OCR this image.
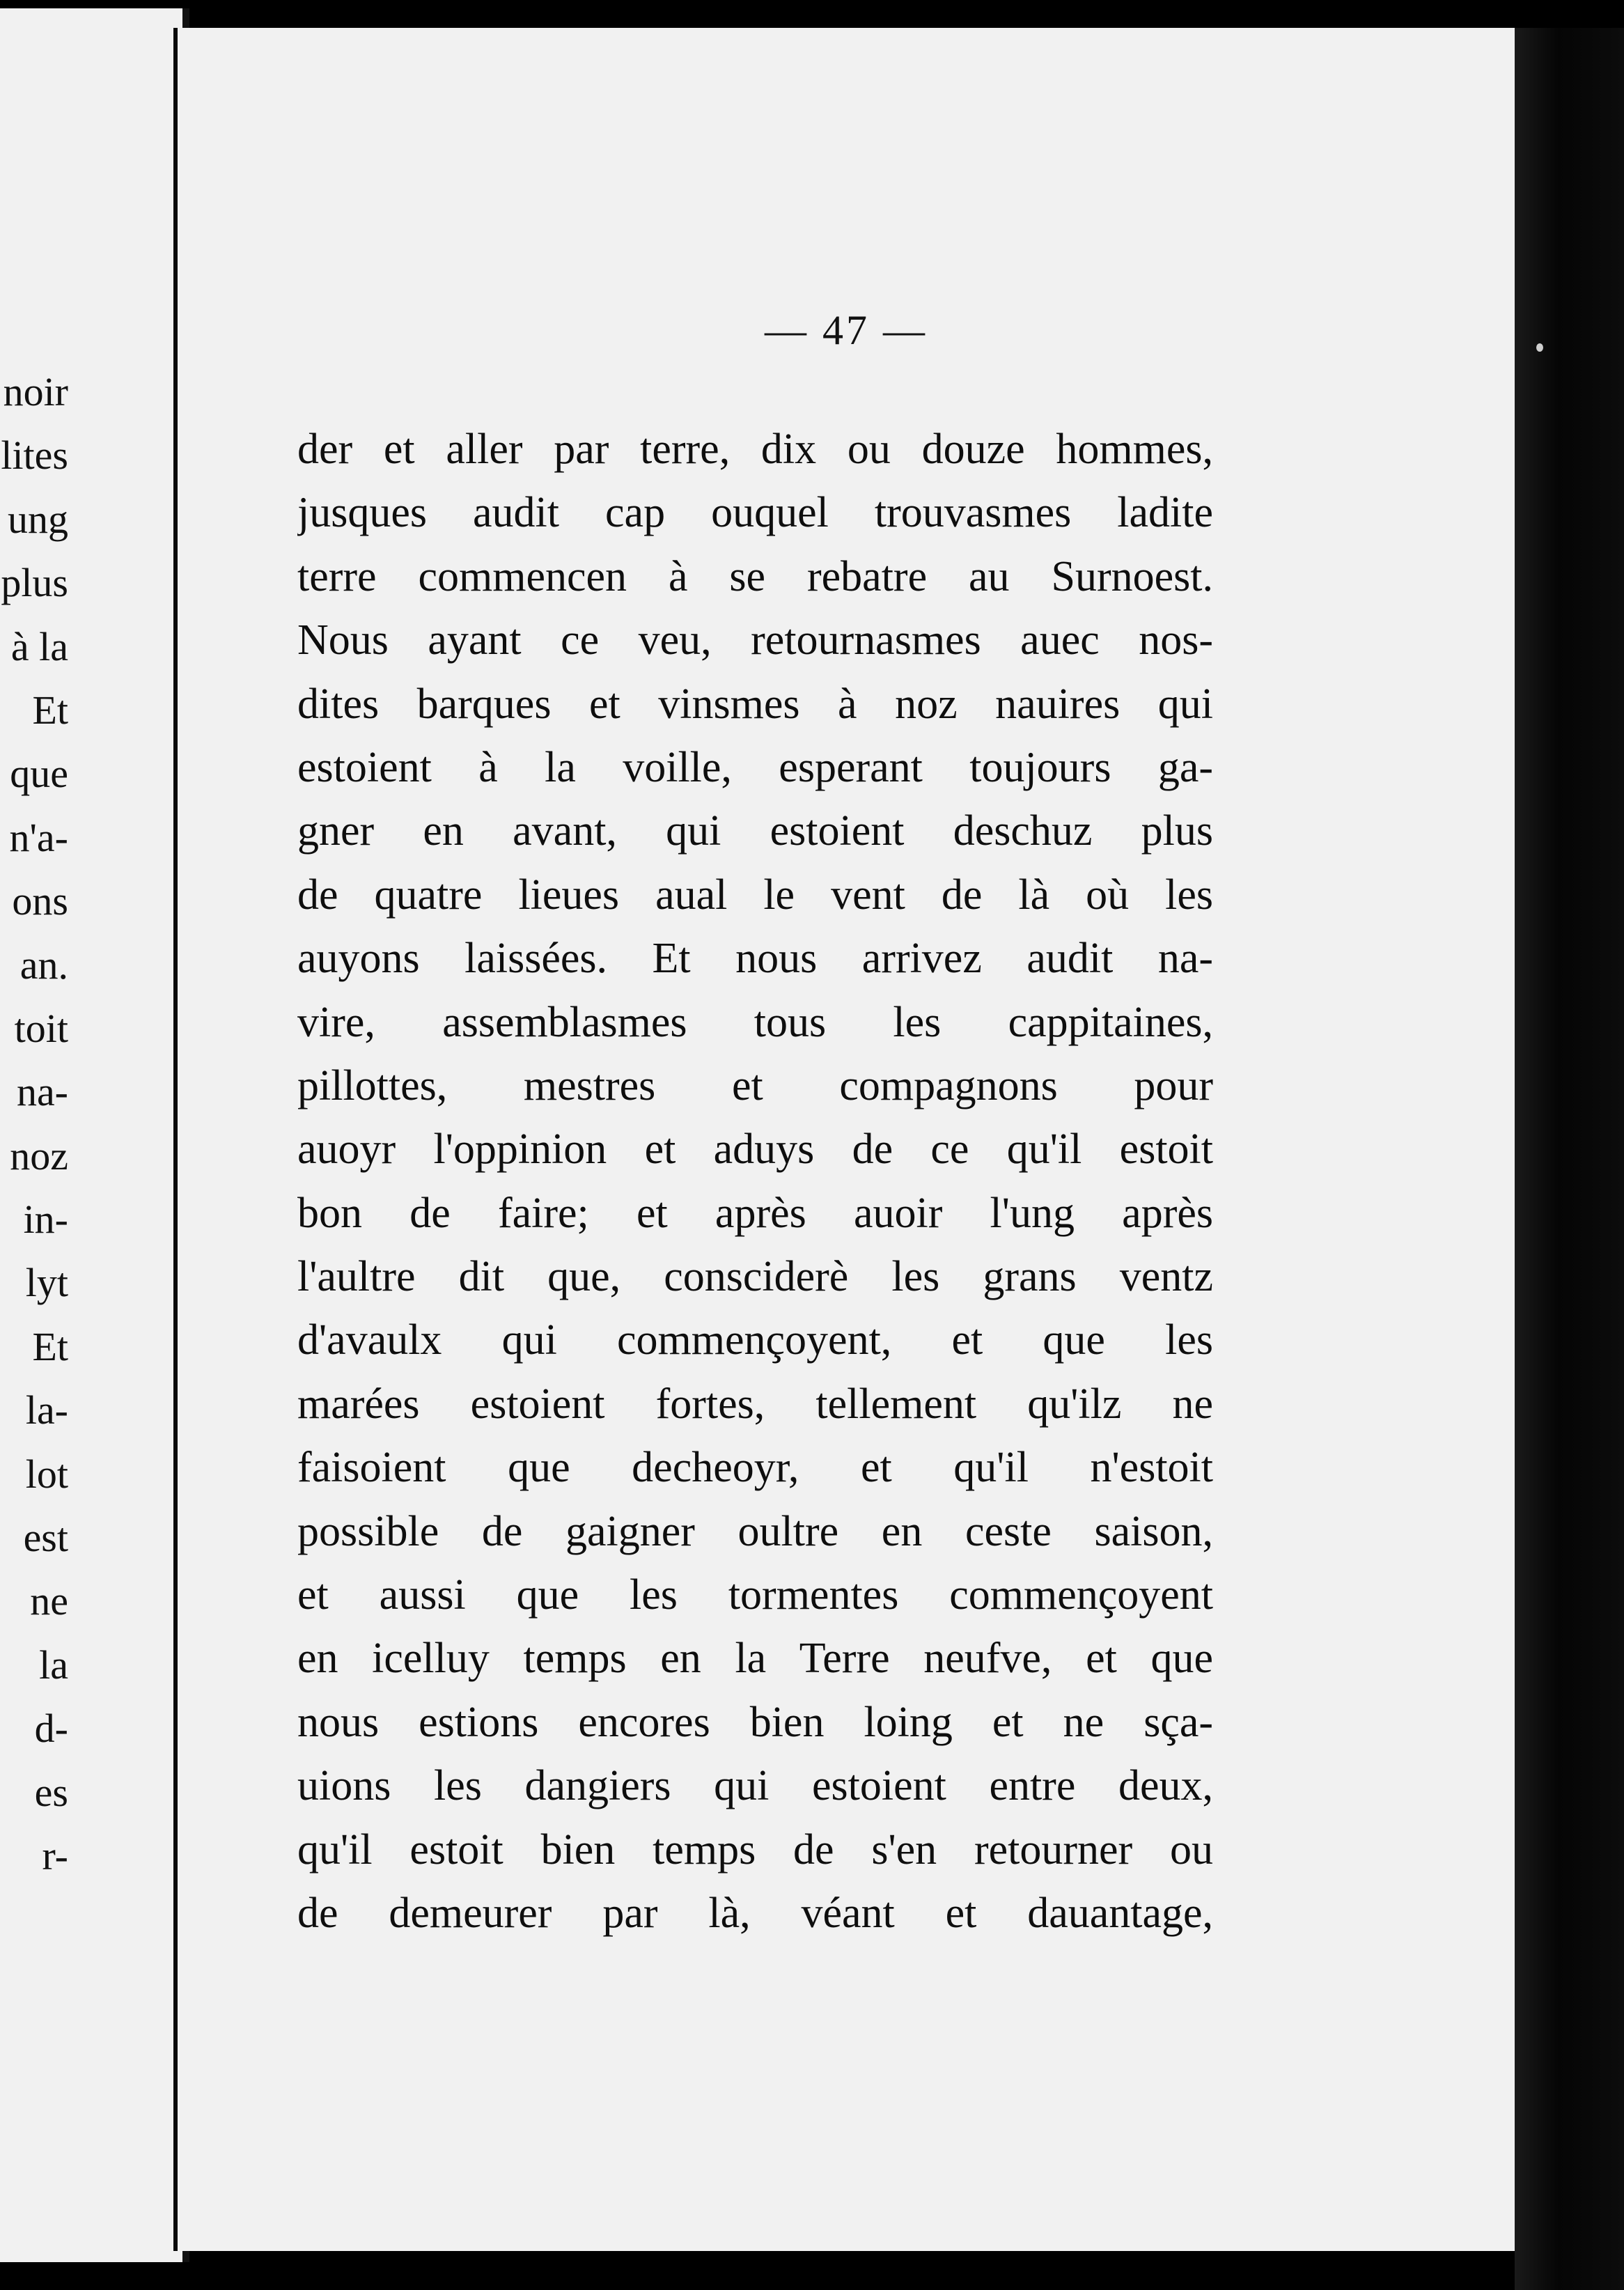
noir
lites
ung
plus
à la
Et
que
n'a-
ons
an.
toit
na-
noz
in-
lyt
Et
la-
lot
est
ne
la
d-
es
r-
— 47 —
der et aller par terre, dix ou douze hommes,
jusques audit cap ouquel trouvasmes ladite
terre commencen à se rebatre au Surnoest.
Nous ayant ce veu, retournasmes auec nos-
dites barques et vinsmes à noz nauires qui
estoient à la voille, esperant toujours ga-
gner en avant, qui estoient deschuz plus
de quatre lieues aual le vent de là où les
auyons laissées. Et nous arrivez audit na-
vire, assemblasmes tous les cappitaines,
pillottes, mestres et compagnons pour
auoyr l'oppinion et aduys de ce qu'il estoit
bon de faire; et après auoir l'ung après
l'aultre dit que, consciderè les grans ventz
d'avaulx qui commençoyent, et que les
marées estoient fortes, tellement qu'ilz ne
faisoient que decheoyr, et qu'il n'estoit
possible de gaigner oultre en ceste saison,
et aussi que les tormentes commençoyent
en icelluy temps en la Terre neufve, et que
nous estions encores bien loing et ne sça-
uions les dangiers qui estoient entre deux,
qu'il estoit bien temps de s'en retourner ou
de demeurer par là, véant et dauantage,
